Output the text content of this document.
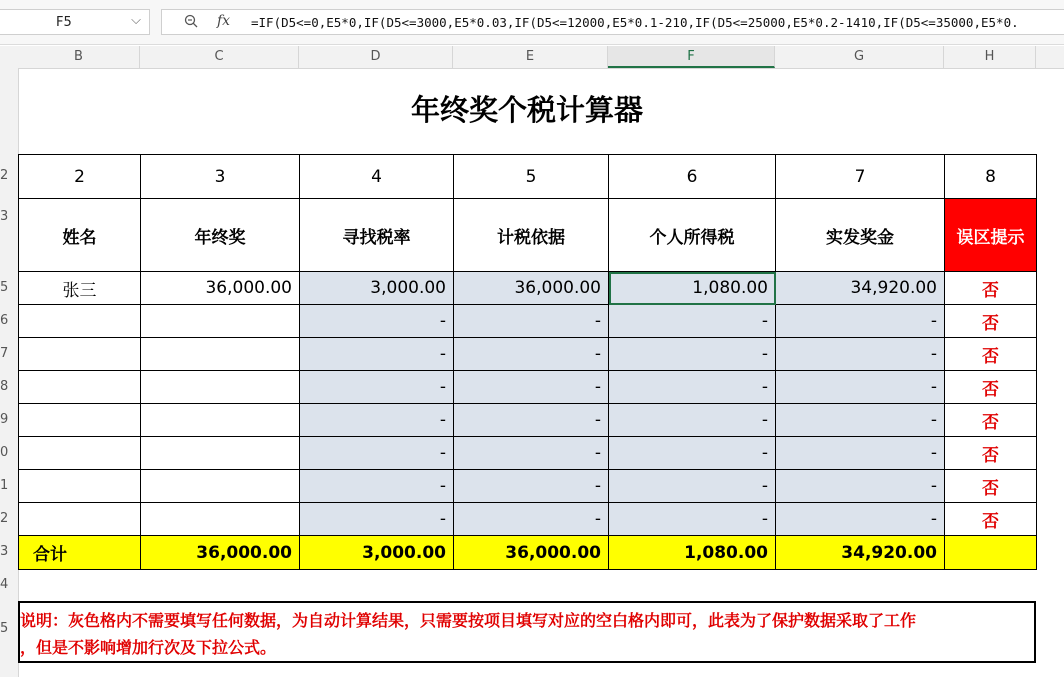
F5	⌵	fx =IF(D5<=0,E5*0,IF(D5<=3000,E5*0.03,IF(D5<=12000,E5*0.1-210,IF(D5<=25000,E5*0.2-1410,IF(D5<=35000,E5*0.
B	C	D	E	F	G	H
2
3
5
6
7
8
9
0
1
2
3
4
5
年终奖个税计算器
2	3	4	5	6	7	8
姓名	年终奖	寻找税率	计税依据	个人所得税	实发奖金	误区提示
张三	36,000.00	3,000.00	36,000.00	1,080.00	34,920.00	否
		-	-	-	-	否
		-	-	-	-	否
		-	-	-	-	否
		-	-	-	-	否
		-	-	-	-	否
		-	-	-	-	否
		-	-	-	-	否
合计	36,000.00	3,000.00	36,000.00	1,080.00	34,920.00	
说明：灰色格内不需要填写任何数据，为自动计算结果，只需要按项目填写对应的空白格内即可，此表为了保护数据采取了工作
，但是不影响增加行次及下拉公式。
